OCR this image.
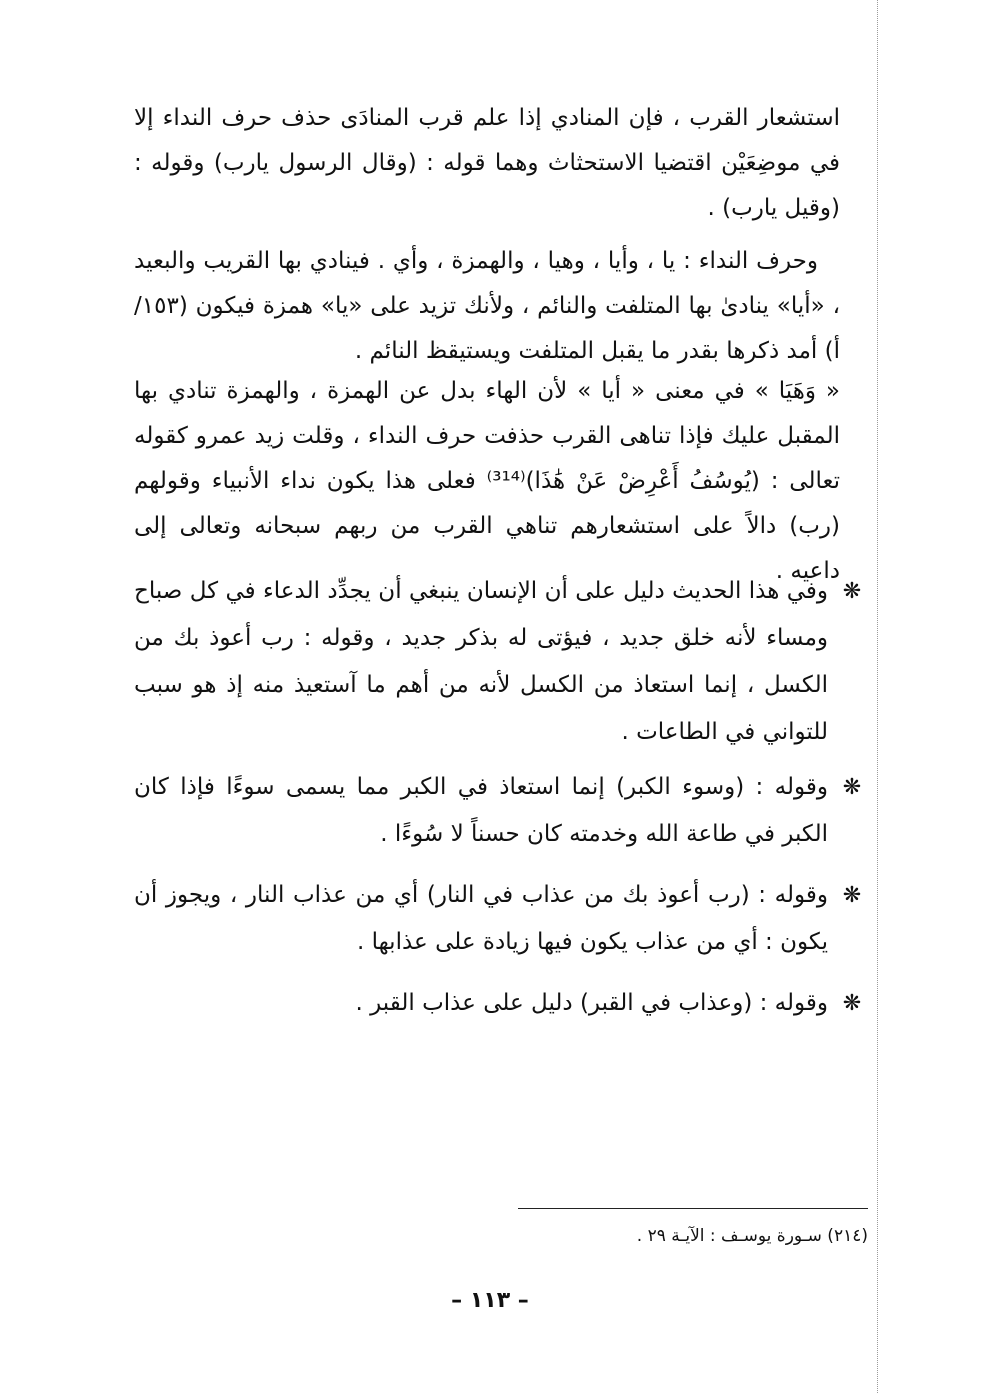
استشعار القرب ، فإن المنادي إذا علم قرب المنادَى حذف حرف النداء إلا في موضِعَيْن اقتضيا الاستحثاث وهما قوله : (وقال الرسول يارب) وقوله : (وقيل يارب) .
وحرف النداء : يا ، وأيا ، وهيا ، والهمزة ، وأي . فينادي بها القريب والبعيد ، «أيا» ينادىٰ بها المتلفت والنائم ، ولأنك تزيد على «يا» همزة فيكون (١٥٣/أ) أمد ذكرها بقدر ما يقبل المتلفت ويستيقظ النائم .
« وَهَيَا » في معنى « أيا » لأن الهاء بدل عن الهمزة ، والهمزة تنادي بها المقبل عليك فإذا تناهى القرب حذفت حرف النداء ، وقلت زيد عمرو كقوله تعالى : (يُوسُفُ أَعْرِضْ عَنْ هَٰذَا)⁽³¹⁴⁾ فعلى هذا يكون نداء الأنبياء وقولهم (رب) دالاً على استشعارهم تناهي القرب من ربهم سبحانه وتعالى إلى داعيه .
❋
وفي هذا الحديث دليل على أن الإنسان ينبغي أن يجدِّد الدعاء في كل صباح ومساء لأنه خلق جديد ، فيؤتى له بذكر جديد ، وقوله : رب أعوذ بك من الكسل ، إنما استعاذ من الكسل لأنه من أهم ما آستعيذ منه إذ هو سبب للتواني في الطاعات .
❋
وقوله : (وسوء الكبر) إنما استعاذ في الكبر مما يسمى سوءًا فإذا كان الكبر في طاعة الله وخدمته كان حسناً لا سُوءًا .
❋
وقوله : (رب أعوذ بك من عذاب في النار) أي من عذاب النار ، ويجوز أن يكون : أي من عذاب يكون فيها زيادة على عذابها .
❋
وقوله : (وعذاب في القبر) دليل على عذاب القبر .
(٢١٤) سـورة يوسـف : الآيـة ٢٩ .
– ١١٣ –
